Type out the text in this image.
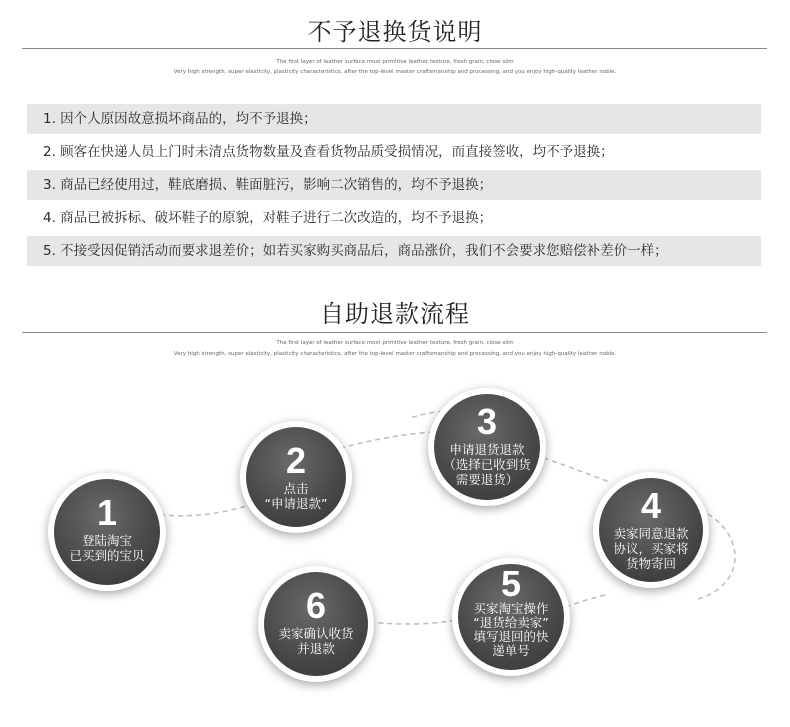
不予退换货说明
The first layer of leather surface most primitive leather texture, fresh grain, close slim
Very high strength, super elasticity, plasticity characteristics, after the top-level master craftsmanship and processing, and you enjoy high-quality leather noble.
1. 因个人原因故意损坏商品的，均不予退换；
2. 顾客在快递人员上门时未清点货物数量及查看货物品质受损情况，而直接签收，均不予退换；
3. 商品已经使用过，鞋底磨损、鞋面脏污，影响二次销售的，均不予退换；
4. 商品已被拆标、破坏鞋子的原貌，对鞋子进行二次改造的，均不予退换；
5. 不接受因促销活动而要求退差价；如若买家购买商品后，商品涨价，我们不会要求您赔偿补差价一样；
自助退款流程
The first layer of leather surface most primitive leather texture, fresh grain, close slim
Very high strength, super elasticity, plasticity characteristics, after the top-level master craftsmanship and processing, and you enjoy high-quality leather noble.
1
登陆淘宝
已买到的宝贝
2
点击
“申请退款”
3
申请退货退款
（选择已收到货
需要退货）
4
卖家同意退款
协议，买家将
货物寄回
5
买家淘宝操作
“退货给卖家”
填写退回的快
递单号
6
卖家确认收货
并退款
